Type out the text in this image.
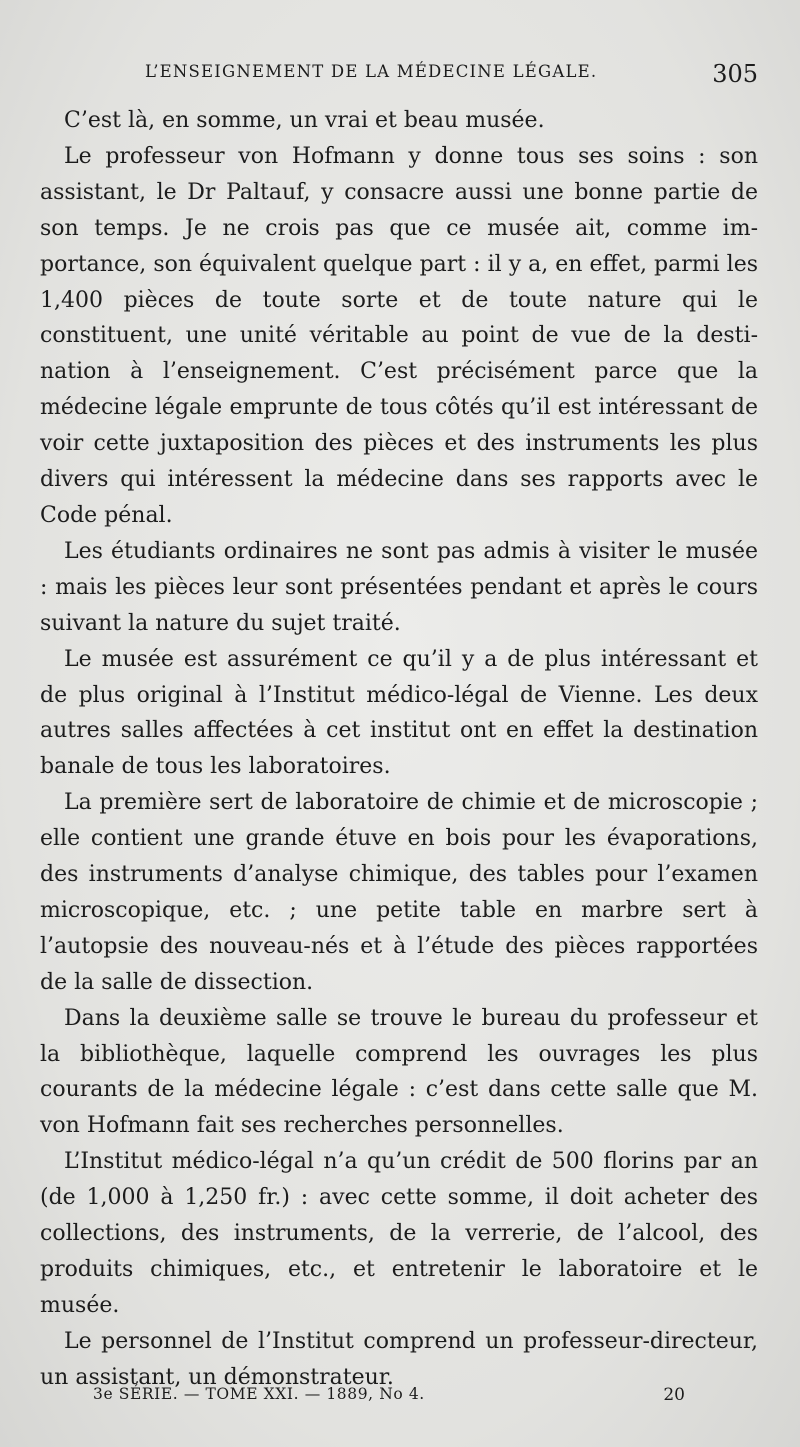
L’ENSEIGNEMENT DE LA MÉDECINE LÉGALE.	305

C’est là, en somme, un vrai et beau musée.

Le professeur von Hofmann y donne tous ses soins : son assistant, le Dr Paltauf, y consacre aussi une bonne partie de son temps. Je ne crois pas que ce musée ait, comme importance, son équivalent quelque part : il y a, en effet, parmi les 1,400 pièces de toute sorte et de toute nature qui le constituent, une unité véritable au point de vue de la destination à l’enseignement. C’est précisément parce que la médecine légale emprunte de tous côtés qu’il est intéressant de voir cette juxtaposition des pièces et des instruments les plus divers qui intéressent la médecine dans ses rapports avec le Code pénal.

Les étudiants ordinaires ne sont pas admis à visiter le musée : mais les pièces leur sont présentées pendant et après le cours suivant la nature du sujet traité.

Le musée est assurément ce qu’il y a de plus intéressant et de plus original à l’Institut médico-légal de Vienne. Les deux autres salles affectées à cet institut ont en effet la destination banale de tous les laboratoires.

La première sert de laboratoire de chimie et de microscopie ; elle contient une grande étuve en bois pour les évaporations, des instruments d’analyse chimique, des tables pour l’examen microscopique, etc. ; une petite table en marbre sert à l’autopsie des nouveau-nés et à l’étude des pièces rapportées de la salle de dissection.

Dans la deuxième salle se trouve le bureau du professeur et la bibliothèque, laquelle comprend les ouvrages les plus courants de la médecine légale : c’est dans cette salle que M. von Hofmann fait ses recherches personnelles.

L’Institut médico-légal n’a qu’un crédit de 500 florins par an (de 1,000 à 1,250 fr.) : avec cette somme, il doit acheter des collections, des instruments, de la verrerie, de l’alcool, des produits chimiques, etc., et entretenir le laboratoire et le musée.

Le personnel de l’Institut comprend un professeur-directeur, un assistant, un démonstrateur.

3e SÉRIE. — TOME XXI. — 1889, No 4.	20
